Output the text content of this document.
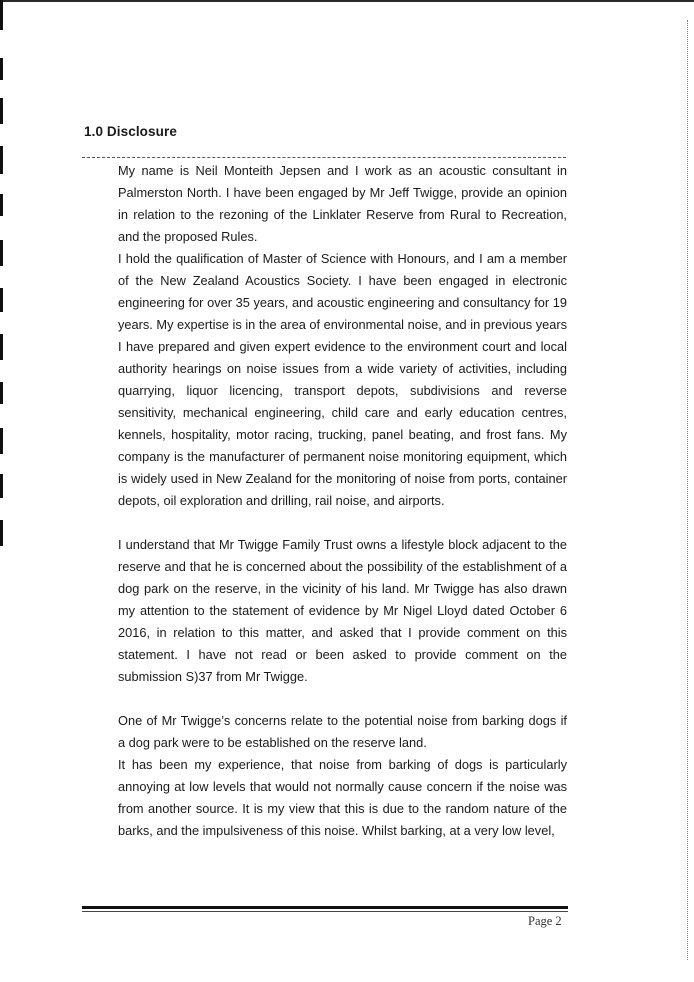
1.0 Disclosure

My name is Neil Monteith Jepsen and I work as an acoustic consultant in Palmerston North. I have been engaged by Mr Jeff Twigge, provide an opinion in relation to the rezoning of the Linklater Reserve from Rural to Recreation, and the proposed Rules.

I hold the qualification of Master of Science with Honours, and I am a member of the New Zealand Acoustics Society. I have been engaged in electronic engineering for over 35 years, and acoustic engineering and consultancy for 19 years. My expertise is in the area of environmental noise, and in previous years I have prepared and given expert evidence to the environment court and local authority hearings on noise issues from a wide variety of activities, including quarrying, liquor licencing, transport depots, subdivisions and reverse sensitivity, mechanical engineering, child care and early education centres, kennels, hospitality, motor racing, trucking, panel beating, and frost fans. My company is the manufacturer of permanent noise monitoring equipment, which is widely used in New Zealand for the monitoring of noise from ports, container depots, oil exploration and drilling, rail noise, and airports.

I understand that Mr Twigge Family Trust owns a lifestyle block adjacent to the reserve and that he is concerned about the possibility of the establishment of a dog park on the reserve, in the vicinity of his land. Mr Twigge has also drawn my attention to the statement of evidence by Mr Nigel Lloyd dated October 6 2016, in relation to this matter, and asked that I provide comment on this statement. I have not read or been asked to provide comment on the submission S)37 from Mr Twigge.

One of Mr Twigge’s concerns relate to the potential noise from barking dogs if a dog park were to be established on the reserve land.

It has been my experience, that noise from barking of dogs is particularly annoying at low levels that would not normally cause concern if the noise was from another source. It is my view that this is due to the random nature of the barks, and the impulsiveness of this noise. Whilst barking, at a very low level,

Page 2
